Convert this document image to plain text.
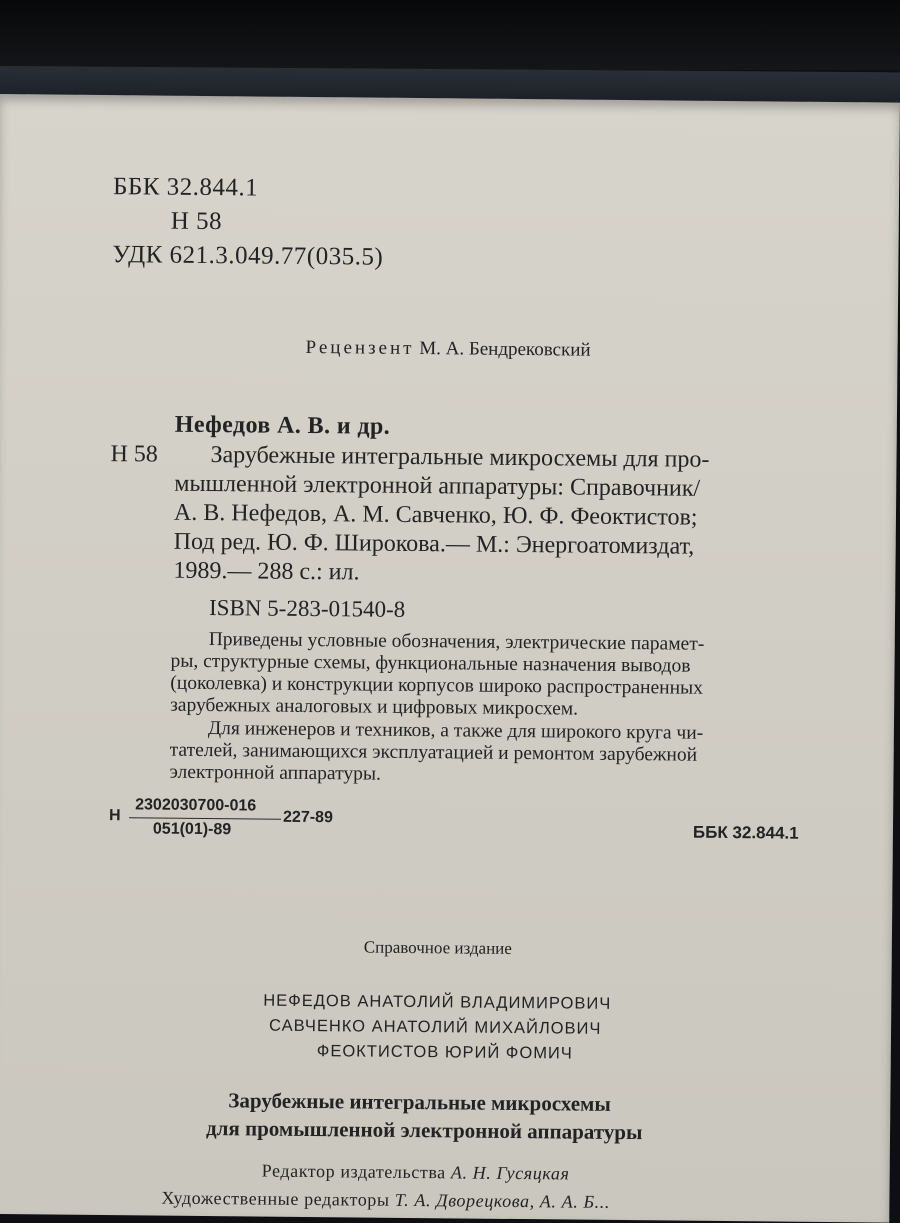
ББК 32.844.1
Н 58
УДК 621.3.049.77(035.5)
Рецензент М. А. Бендрековский
Нефедов А. В. и др.
Н 58 Зарубежные интегральные микросхемы для про-
мышленной электронной аппаратуры: Справочник/
А. В. Нефедов, А. М. Савченко, Ю. Ф. Феоктистов;
Под ред. Ю. Ф. Широкова.— М.: Энергоатомиздат,
1989.— 288 с.: ил.
ISBN 5-283-01540-8
Приведены условные обозначения, электрические парамет-
ры, структурные схемы, функциональные назначения выводов
(цоколевка) и конструкции корпусов широко распространенных
зарубежных аналоговых и цифровых микросхем.
Для инженеров и техников, а также для широкого круга чи-
тателей, занимающихся эксплуатацией и ремонтом зарубежной
электронной аппаратуры.
Н
2302030700-016
051(01)-89
227-89
ББК 32.844.1
Справочное издание
НЕФЕДОВ АНАТОЛИЙ ВЛАДИМИРОВИЧ
САВЧЕНКО АНАТОЛИЙ МИХАЙЛОВИЧ
ФЕОКТИСТОВ ЮРИЙ ФОМИЧ
Зарубежные интегральные микросхемы
для промышленной электронной аппаратуры
Редактор издательства А. Н. Гусяцкая
Художественные редакторы Т. А. Дворецкова, А. А. Б...
